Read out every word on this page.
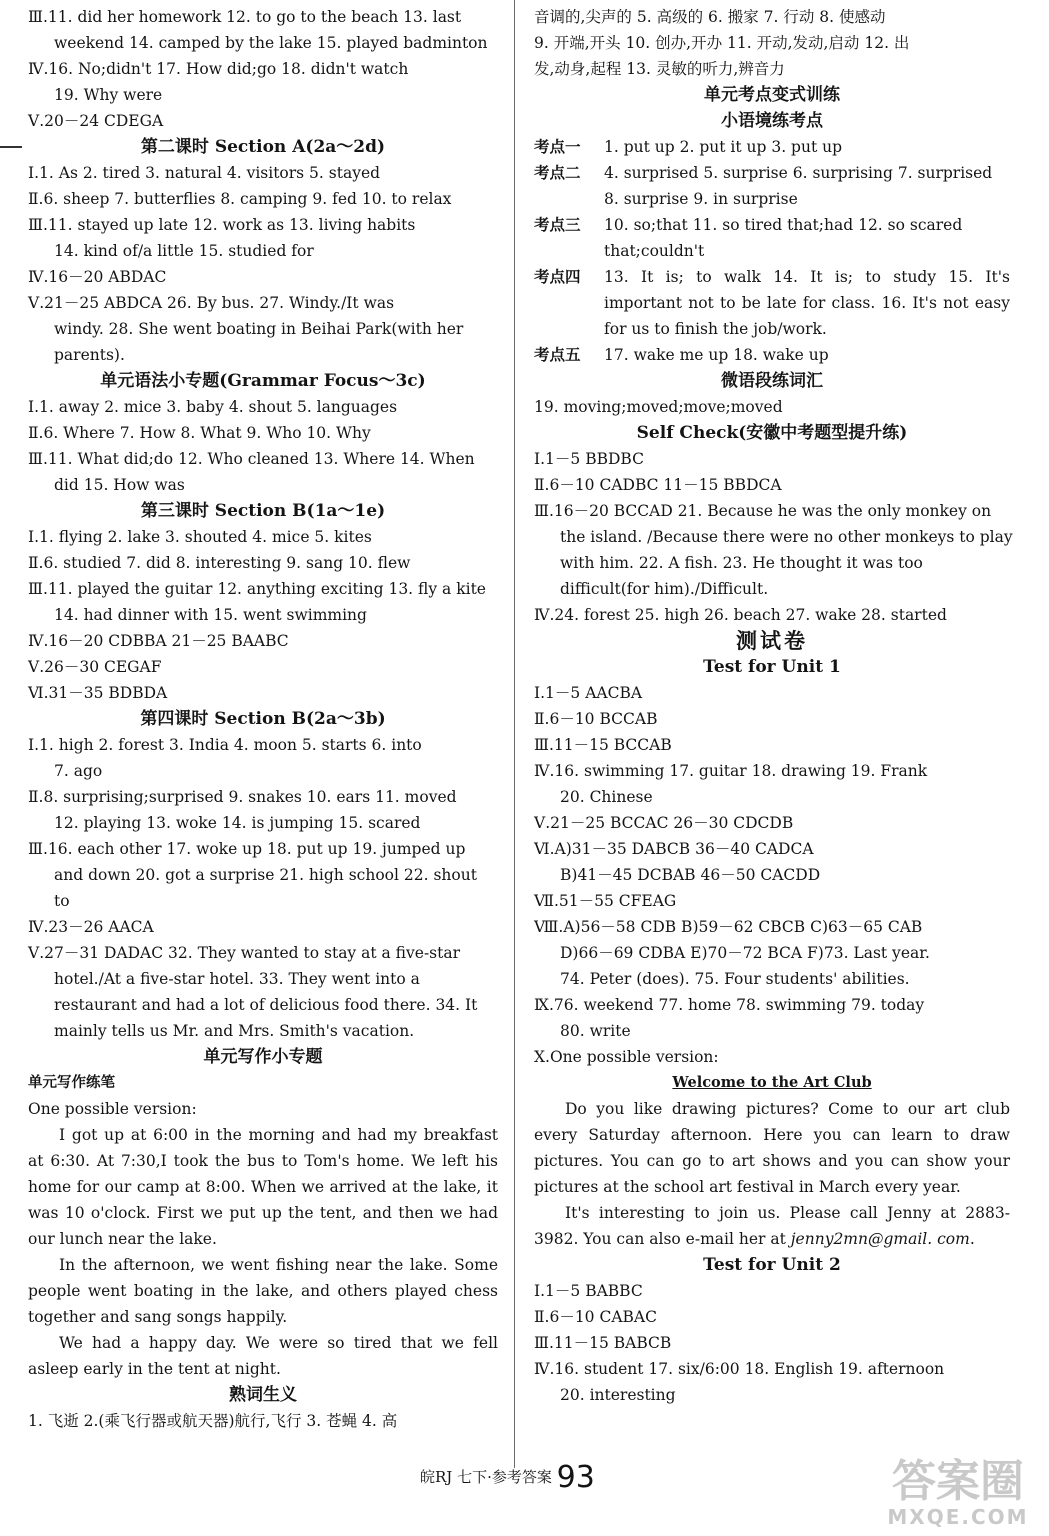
Ⅲ.11. did her homework 12. to go to the beach 13. last
weekend 14. camped by the lake 15. played badminton
Ⅳ.16. No;didn't 17. How did;go 18. didn't watch
19. Why were
Ⅴ.20－24 CDEGA
第二课时 Section A(2a～2d)
Ⅰ.1. As 2. tired 3. natural 4. visitors 5. stayed
Ⅱ.6. sheep 7. butterflies 8. camping 9. fed 10. to relax
Ⅲ.11. stayed up late 12. work as 13. living habits
14. kind of/a little 15. studied for
Ⅳ.16－20 ABDAC
Ⅴ.21－25 ABDCA 26. By bus. 27. Windy./It was
windy. 28. She went boating in Beihai Park(with her
parents).
单元语法小专题(Grammar Focus～3c)
Ⅰ.1. away 2. mice 3. baby 4. shout 5. languages
Ⅱ.6. Where 7. How 8. What 9. Who 10. Why
Ⅲ.11. What did;do 12. Who cleaned 13. Where 14. When
did 15. How was
第三课时 Section B(1a～1e)
Ⅰ.1. flying 2. lake 3. shouted 4. mice 5. kites
Ⅱ.6. studied 7. did 8. interesting 9. sang 10. flew
Ⅲ.11. played the guitar 12. anything exciting 13. fly a kite
14. had dinner with 15. went swimming
Ⅳ.16－20 CDBBA 21－25 BAABC
Ⅴ.26－30 CEGAF
Ⅵ.31－35 BDBDA
第四课时 Section B(2a～3b)
Ⅰ.1. high 2. forest 3. India 4. moon 5. starts 6. into
7. ago
Ⅱ.8. surprising;surprised 9. snakes 10. ears 11. moved
12. playing 13. woke 14. is jumping 15. scared
Ⅲ.16. each other 17. woke up 18. put up 19. jumped up
and down 20. got a surprise 21. high school 22. shout
to
Ⅳ.23－26 AACA
Ⅴ.27－31 DADAC 32. They wanted to stay at a five-star
hotel./At a five-star hotel. 33. They went into a
restaurant and had a lot of delicious food there. 34. It
mainly tells us Mr. and Mrs. Smith's vacation.
单元写作小专题
单元写作练笔
One possible version:
I got up at 6:00 in the morning and had my breakfast at 6:30. At 7:30,I took the bus to Tom's home. We left his home for our camp at 8:00. When we arrived at the lake, it was 10 o'clock. First we put up the tent, and then we had our lunch near the lake.
In the afternoon, we went fishing near the lake. Some people went boating in the lake, and others played chess together and sang songs happily.
We had a happy day. We were so tired that we fell asleep early in the tent at night.
熟词生义
1. 飞逝 2.(乘飞行器或航天器)航行,飞行 3. 苍蝇 4. 高
音调的,尖声的 5. 高级的 6. 搬家 7. 行动 8. 使感动
9. 开端,开头 10. 创办,开办 11. 开动,发动,启动 12. 出
发,动身,起程 13. 灵敏的听力,辨音力
单元考点变式训练
小语境练考点
考点一	1. put up 2. put it up 3. put up
考点二	4. surprised 5. surprise 6. surprising 7. surprised
8. surprise 9. in surprise
考点三	10. so;that 11. so tired that;had 12. so scared
that;couldn't
考点四	13. It is; to walk 14. It is; to study 15. It's important not to be late for class. 16. It's not easy for us to finish the job/work.
考点五	17. wake me up 18. wake up
微语段练词汇
19. moving;moved;move;moved
Self Check(安徽中考题型提升练)
Ⅰ.1－5 BBDBC
Ⅱ.6－10 CADBC 11－15 BBDCA
Ⅲ.16－20 BCCAD 21. Because he was the only monkey on
the island. /Because there were no other monkeys to play
with him. 22. A fish. 23. He thought it was too
difficult(for him)./Difficult.
Ⅳ.24. forest 25. high 26. beach 27. wake 28. started
测试卷
Test for Unit 1
Ⅰ.1－5 AACBA
Ⅱ.6－10 BCCAB
Ⅲ.11－15 BCCAB
Ⅳ.16. swimming 17. guitar 18. drawing 19. Frank
20. Chinese
Ⅴ.21－25 BCCAC 26－30 CDCDB
Ⅵ.A)31－35 DABCB 36－40 CADCA
B)41－45 DCBAB 46－50 CACDD
Ⅶ.51－55 CFEAG
Ⅷ.A)56－58 CDB B)59－62 CBCB C)63－65 CAB
D)66－69 CDBA E)70－72 BCA F)73. Last year.
74. Peter (does). 75. Four students' abilities.
Ⅸ.76. weekend 77. home 78. swimming 79. today
80. write
Ⅹ.One possible version:
Welcome to the Art Club
Do you like drawing pictures? Come to our art club every Saturday afternoon. Here you can learn to draw pictures. You can go to art shows and you can show your pictures at the school art festival in March every year.
It's interesting to join us. Please call Jenny at 2883-3982. You can also e-mail her at jenny2mn@gmail. com.
Test for Unit 2
Ⅰ.1－5 BABBC
Ⅱ.6－10 CABAC
Ⅲ.11－15 BABCB
Ⅳ.16. student 17. six/6:00 18. English 19. afternoon
20. interesting
皖RJ 七下·参考答案 93	答案圈
MXQE.COM
